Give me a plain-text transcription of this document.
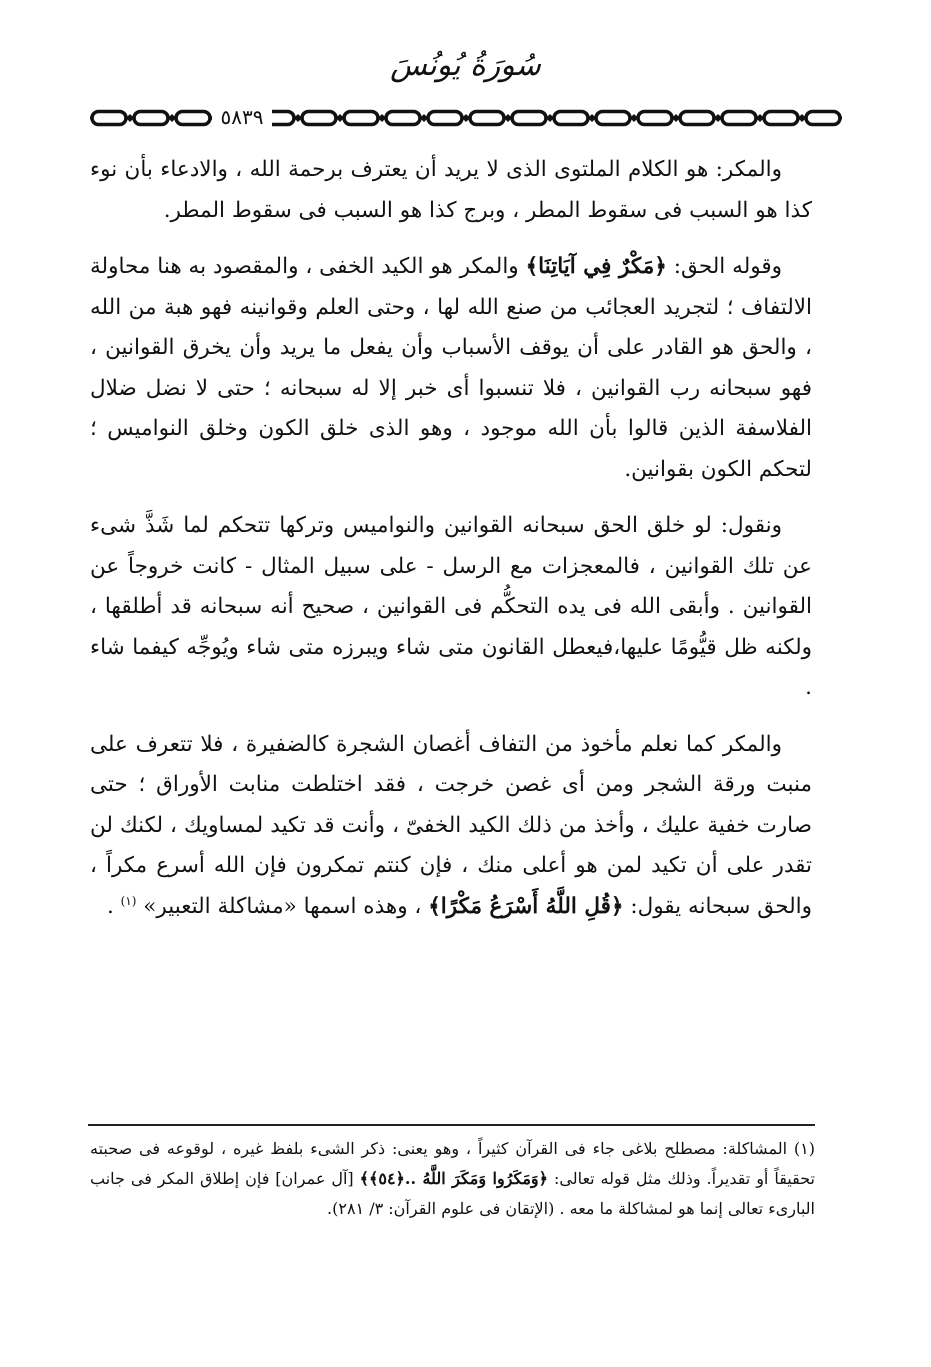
سُورَةُ يُونُسَ
٥٨٣٩

والمكر: هو الكلام الملتوى الذى لا يريد أن يعترف برحمة الله ، والادعاء بأن نوء كذا هو السبب فى سقوط المطر ، وبرج كذا هو السبب فى سقوط المطر.

وقوله الحق: ﴿مَكْرٌ فِي آيَاتِنَا﴾ والمكر هو الكيد الخفى ، والمقصود به هنا محاولة الالتفاف ؛ لتجريد العجائب من صنع الله لها ، وحتى العلم وقوانينه فهو هبة من الله ، والحق هو القادر على أن يوقف الأسباب وأن يفعل ما يريد وأن يخرق القوانين ، فهو سبحانه رب القوانين ، فلا تنسبوا أى خبر إلا له سبحانه ؛ حتى لا نضل ضلال الفلاسفة الذين قالوا بأن الله موجود ، وهو الذى خلق الكون وخلق النواميس ؛لتحكم الكون بقوانين.

ونقول: لو خلق الحق سبحانه القوانين والنواميس وتركها تتحكم لما شَذَّ شىء عن تلك القوانين ، فالمعجزات مع الرسل - على سبيل المثال - كانت خروجاً عن القوانين . وأبقى الله فى يده التحكُّم فى القوانين ، صحيح أنه سبحانه قد أطلقها ، ولكنه ظل قيُّومًا عليها،فيعطل القانون متى شاء ويبرزه متى شاء ويُوجِّه كيفما شاء .

والمكر كما نعلم مأخوذ من التفاف أغصان الشجرة كالضفيرة ، فلا تتعرف على منبت ورقة الشجر ومن أى غصن خرجت ، فقد اختلطت منابت الأوراق ؛ حتى صارت خفية عليك ، وأخذ من ذلك الكيد الخفىّ ، وأنت قد تكيد لمساويك ، لكنك لن تقدر على أن تكيد لمن هو أعلى منك ، فإن كنتم تمكرون فإن الله أسرع مكراً ، والحق سبحانه يقول: ﴿قُلِ اللَّهُ أَسْرَعُ مَكْرًا﴾ ، وهذه اسمها «مشاكلة التعبير» $^{(١)}$ .

(١) المشاكلة: مصطلح بلاغى جاء فى القرآن كثيراً ، وهو يعنى: ذكر الشىء بلفظ غيره ، لوقوعه فى صحبته تحقيقاً أو تقديراً. وذلك مثل قوله تعالى: ﴿وَمَكَرُوا وَمَكَرَ اللَّهُ ..﴿٥٤﴾﴾ [آل عمران] فإن إطلاق المكر فى جانب البارىء تعالى إنما هو لمشاكلة ما معه . (الإتقان فى علوم القرآن: ٣/ ٢٨١).
